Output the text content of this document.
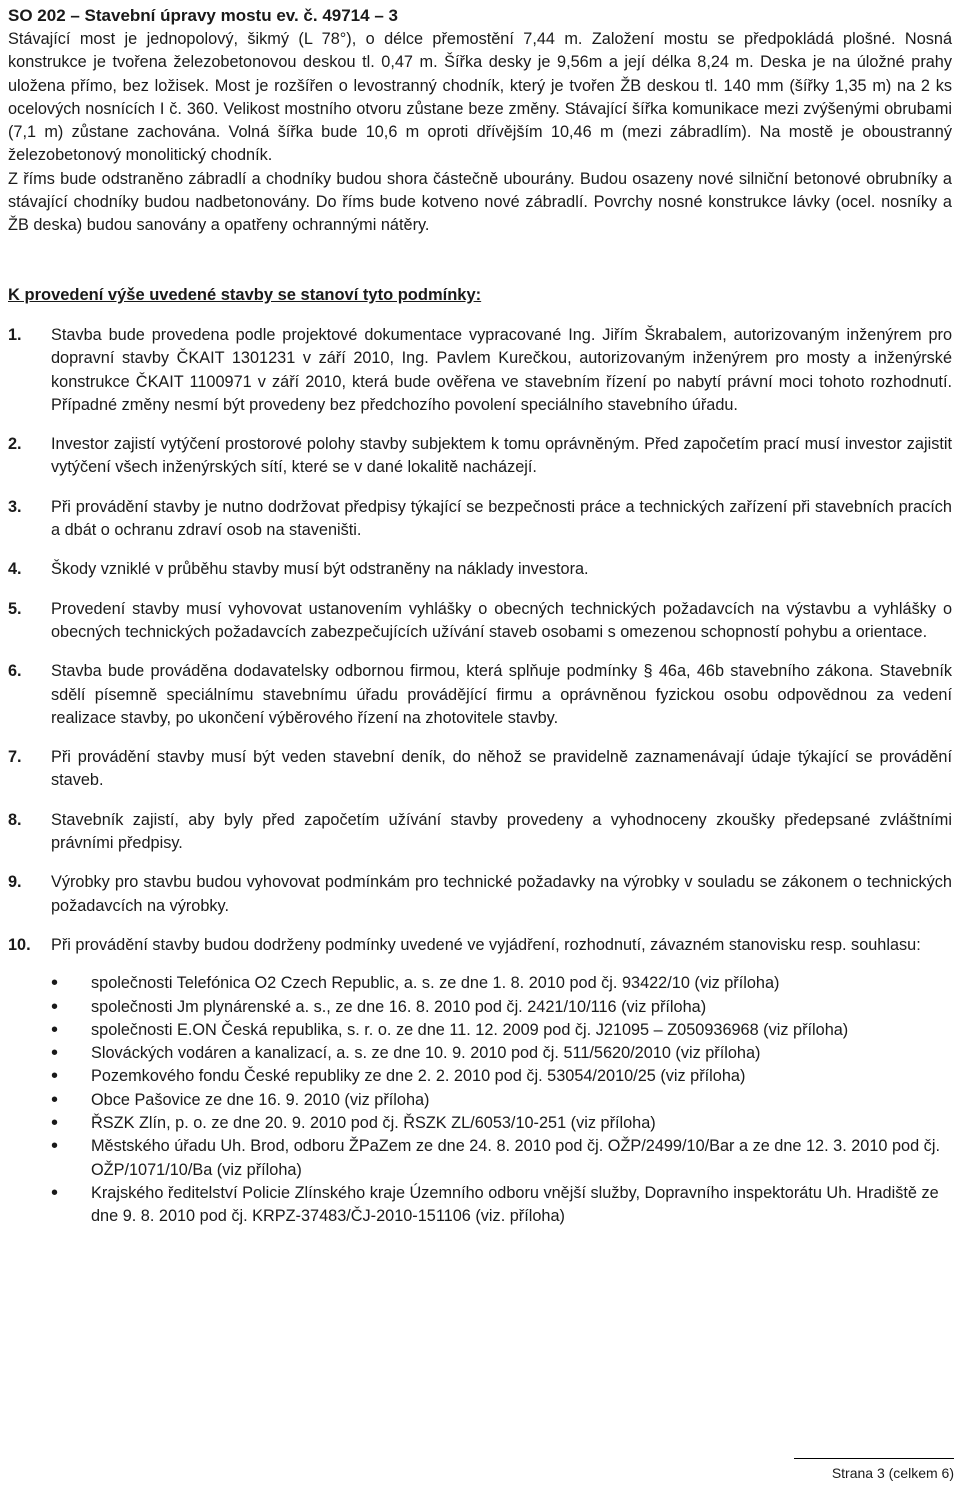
SO 202 – Stavební úpravy mostu ev. č. 49714 – 3

Stávající most je jednopolový, šikmý (L 78°), o délce přemostění 7,44 m. Založení mostu se předpokládá plošné. Nosná konstrukce je tvořena železobetonovou deskou tl. 0,47 m. Šířka desky je 9,56m a její délka 8,24 m. Deska je na úložné prahy uložena přímo, bez ložisek. Most je rozšířen o levostranný chodník, který je tvořen ŽB deskou tl. 140 mm (šířky 1,35 m) na 2 ks ocelových nosnících I č. 360. Velikost mostního otvoru zůstane beze změny. Stávající šířka komunikace mezi zvýšenými obrubami (7,1 m) zůstane zachována. Volná šířka bude 10,6 m oproti dřívějším 10,46 m (mezi zábradlím). Na mostě je oboustranný železobetonový monolitický chodník.

Z říms bude odstraněno zábradlí a chodníky budou shora částečně ubourány. Budou osazeny nové silniční betonové obrubníky a stávající chodníky budou nadbetonovány. Do říms bude kotveno nové zábradlí. Povrchy nosné konstrukce lávky (ocel. nosníky a ŽB deska) budou sanovány a opatřeny ochrannými nátěry.

K provedení výše uvedené stavby se stanoví tyto podmínky:

1.	Stavba bude provedena podle projektové dokumentace vypracované Ing. Jiřím Škrabalem, autorizovaným inženýrem pro dopravní stavby ČKAIT 1301231 v září 2010, Ing. Pavlem Kurečkou, autorizovaným inženýrem pro mosty a inženýrské konstrukce ČKAIT 1100971 v září 2010, která bude ověřena ve stavebním řízení po nabytí právní moci tohoto rozhodnutí. Případné změny nesmí být provedeny bez předchozího povolení speciálního stavebního úřadu.
2.	Investor zajistí vytýčení prostorové polohy stavby subjektem k tomu oprávněným. Před započetím prací musí investor zajistit vytýčení všech inženýrských sítí, které se v dané lokalitě nacházejí.
3.	Při provádění stavby je nutno dodržovat předpisy týkající se bezpečnosti práce a technických zařízení při stavebních pracích a dbát o ochranu zdraví osob na staveništi.
4.	Škody vzniklé v průběhu stavby musí být odstraněny na náklady investora.
5.	Provedení stavby musí vyhovovat ustanovením vyhlášky o obecných technických požadavcích na výstavbu a vyhlášky o obecných technických požadavcích zabezpečujících užívání staveb osobami s omezenou schopností pohybu a orientace.
6.	Stavba bude prováděna dodavatelsky odbornou firmou, která splňuje podmínky § 46a, 46b stavebního zákona. Stavebník sdělí písemně speciálnímu stavebnímu úřadu provádějící firmu a oprávněnou fyzickou osobu odpovědnou za vedení realizace stavby, po ukončení výběrového řízení na zhotovitele stavby.
7.	Při provádění stavby musí být veden stavební deník, do něhož se pravidelně zaznamenávají údaje týkající se provádění staveb.
8.	Stavebník zajistí, aby byly před započetím užívání stavby provedeny a vyhodnoceny zkoušky předepsané zvláštními právními předpisy.
9.	Výrobky pro stavbu budou vyhovovat podmínkám pro technické požadavky na výrobky v souladu se zákonem o technických požadavcích na výrobky.
10.	Při provádění stavby budou dodrženy podmínky uvedené ve vyjádření, rozhodnutí, závazném stanovisku resp. souhlasu:
•	společnosti Telefónica O2 Czech Republic, a. s. ze dne 1. 8. 2010 pod čj. 93422/10 (viz příloha)
•	společnosti Jm plynárenské a. s., ze dne 16. 8. 2010 pod čj. 2421/10/116 (viz příloha)
•	společnosti E.ON Česká republika, s. r. o. ze dne 11. 12. 2009 pod čj. J21095 – Z050936968 (viz příloha)
•	Slováckých vodáren a kanalizací, a. s. ze dne 10. 9. 2010 pod čj. 511/5620/2010 (viz příloha)
•	Pozemkového fondu České republiky ze dne 2. 2. 2010 pod čj. 53054/2010/25 (viz příloha)
•	Obce Pašovice ze dne 16. 9. 2010 (viz příloha)
•	ŘSZK Zlín, p. o. ze dne 20. 9. 2010 pod čj. ŘSZK ZL/6053/10-251 (viz příloha)
•	Městského úřadu Uh. Brod, odboru ŽPaZem ze dne 24. 8. 2010 pod čj. OŽP/2499/10/Bar a ze dne 12. 3. 2010 pod čj. OŽP/1071/10/Ba (viz příloha)
•	Krajského ředitelství Policie Zlínského kraje Územního odboru vnější služby, Dopravního inspektorátu Uh. Hradiště ze dne 9. 8. 2010 pod čj. KRPZ-37483/ČJ-2010-151106 (viz. příloha)
Strana 3 (celkem 6)
